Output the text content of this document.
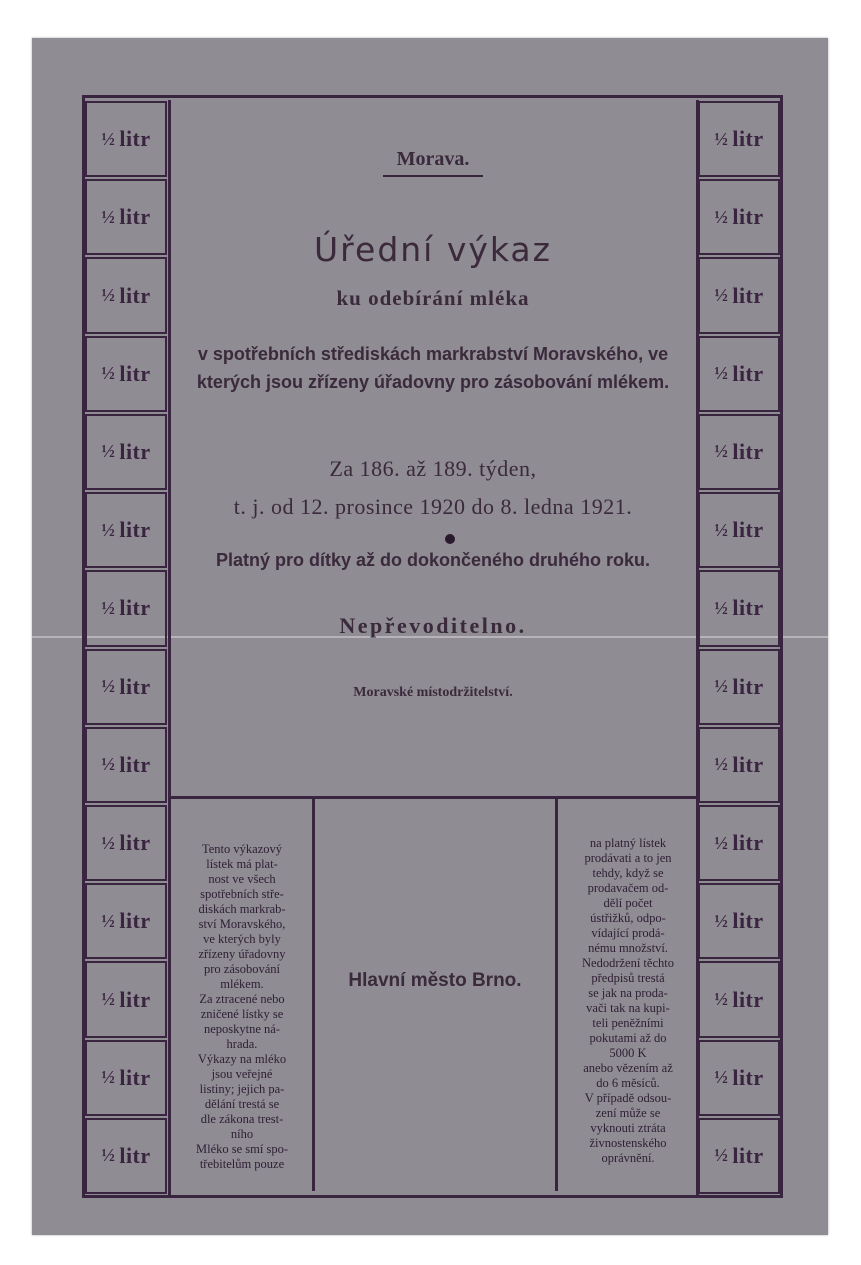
½ litr
½ litr
½ litr
½ litr
½ litr
½ litr
½ litr
½ litr
½ litr
½ litr
½ litr
½ litr
½ litr
½ litr
½ litr
½ litr
½ litr
½ litr
½ litr
½ litr
½ litr
½ litr
½ litr
½ litr
½ litr
½ litr
½ litr
½ litr
Morava.
Úřední výkaz
ku odebírání mléka
v spotřebních střediskách markrabství Moravského, ve
kterých jsou zřízeny úřadovny pro zásobování mlékem.
Za 186. až 189. týden,
t. j. od 12. prosince 1920 do 8. ledna 1921.
Platný pro dítky až do dokončeného druhého roku.
Nepřevoditelno.
Moravské místodržitelství.
Tento výkazový
lístek má plat-
nost ve všech
spotřebních stře-
diskách markrab-
ství Moravského,
ve kterých byly
zřízeny úřadovny
pro zásobování
mlékem.
Za ztracené nebo
zničené lístky se
neposkytne ná-
hrada.
Výkazy na mléko
jsou veřejné
listiny; jejich pa-
dělání trestá se
dle zákona trest-
ního
Mléko se smí spo-
třebitelům pouze
Hlavní město Brno.
na platný lístek
prodávati a to jen
tehdy, když se
prodavačem od-
dělí počet
ústřižků, odpo-
vídající prodá-
nému množství.
Nedodržení těchto
předpisů trestá
se jak na proda-
vači tak na kupi-
teli peněžními
pokutami až do
5000 K
anebo vězením až
do 6 měsíců.
V případě odsou-
zení může se
vyknouti ztráta
živnostenského
oprávnění.
